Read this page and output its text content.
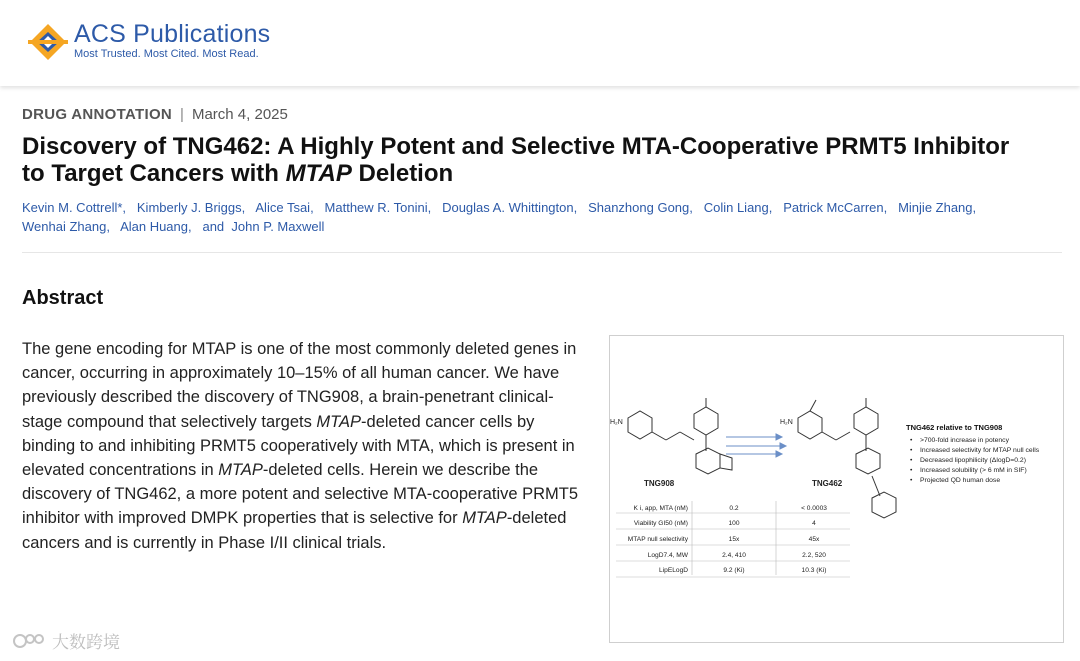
ACS Publications
Most Trusted. Most Cited. Most Read.
DRUG ANNOTATION | March 4, 2025
Discovery of TNG462: A Highly Potent and Selective MTA-Cooperative PRMT5 Inhibitor to Target Cancers with MTAP Deletion
Kevin M. Cottrell*, Kimberly J. Briggs, Alice Tsai, Matthew R. Tonini, Douglas A. Whittington, Shanzhong Gong, Colin Liang, Patrick McCarren, Minjie Zhang,
Wenhai Zhang, Alan Huang, and John P. Maxwell
Abstract
The gene encoding for MTAP is one of the most commonly deleted genes in cancer, occurring in approximately 10–15% of all human cancer. We have previously described the discovery of TNG908, a brain-penetrant clinical-stage compound that selectively targets MTAP-deleted cancer cells by binding to and inhibiting PRMT5 cooperatively with MTA, which is present in elevated concentrations in MTAP-deleted cells. Herein we describe the discovery of TNG462, a more potent and selective MTA-cooperative PRMT5 inhibitor with improved DMPK properties that is selective for MTAP-deleted cancers and is currently in Phase I/II clinical trials.
H₂N
TNG908
H₂N
TNG462
TNG462 relative to TNG908
• >700-fold increase in potency
• Increased selectivity for MTAP null cells
• Decreased lipophilicity (ΔlogD=0.2)
• Increased solubility (> 6 mM in SIF)
• Projected QD human dose
K i, app, MTA (nM)	0.2	< 0.0003
Viability GI50 (nM)	100	4
MTAP null selectivity	15x	45x
LogD7.4, MW	2.4, 410	2.2, 520
LipELogD	9.2 (Ki)	10.3 (Ki)
大数跨境
